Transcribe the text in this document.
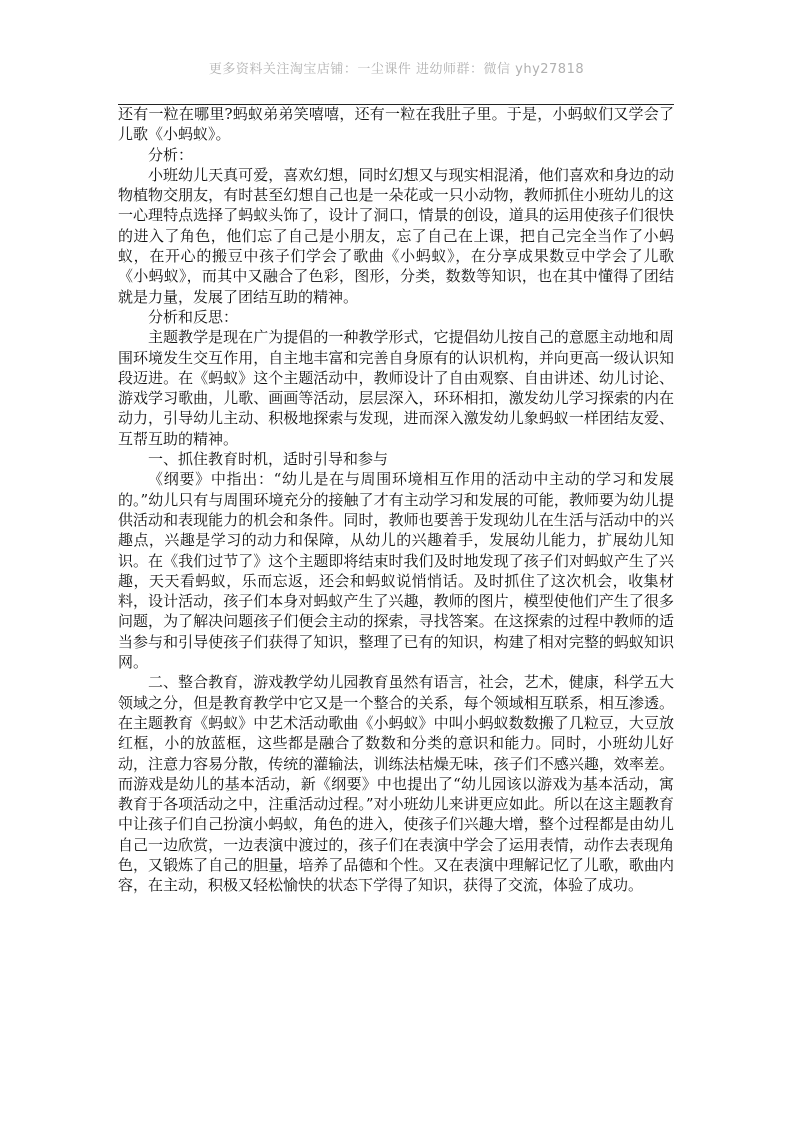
更多资料关注淘宝店铺：一尘课件 进幼师群：微信 yhy27818

还有一粒在哪里?蚂蚁弟弟笑嘻嘻，还有一粒在我肚子里。于是，小蚂蚁们又学会了儿歌《小蚂蚁》。

分析：

小班幼儿天真可爱，喜欢幻想，同时幻想又与现实相混淆，他们喜欢和身边的动物植物交朋友，有时甚至幻想自己也是一朵花或一只小动物，教师抓住小班幼儿的这一心理特点选择了蚂蚁头饰了，设计了洞口，情景的创设，道具的运用使孩子们很快的进入了角色，他们忘了自己是小朋友，忘了自己在上课，把自己完全当作了小蚂蚁，在开心的搬豆中孩子们学会了歌曲《小蚂蚁》，在分享成果数豆中学会了儿歌《小蚂蚁》，而其中又融合了色彩，图形，分类，数数等知识，也在其中懂得了团结就是力量，发展了团结互助的精神。

分析和反思：

主题教学是现在广为提倡的一种教学形式，它提倡幼儿按自己的意愿主动地和周围环境发生交互作用，自主地丰富和完善自身原有的认识机构，并向更高一级认识知段迈进。在《蚂蚁》这个主题活动中，教师设计了自由观察、自由讲述、幼儿讨论、游戏学习歌曲，儿歌、画画等活动，层层深入，环环相扣，激发幼儿学习探索的内在动力，引导幼儿主动、积极地探索与发现，进而深入激发幼儿象蚂蚁一样团结友爱、互帮互助的精神。

一、抓住教育时机，适时引导和参与

《纲要》中指出：“幼儿是在与周围环境相互作用的活动中主动的学习和发展的。”幼儿只有与周围环境充分的接触了才有主动学习和发展的可能，教师要为幼儿提供活动和表现能力的机会和条件。同时，教师也要善于发现幼儿在生活与活动中的兴趣点，兴趣是学习的动力和保障，从幼儿的兴趣着手，发展幼儿能力，扩展幼儿知识。在《我们过节了》这个主题即将结束时我们及时地发现了孩子们对蚂蚁产生了兴趣，天天看蚂蚁，乐而忘返，还会和蚂蚁说悄悄话。及时抓住了这次机会，收集材料，设计活动，孩子们本身对蚂蚁产生了兴趣，教师的图片，模型使他们产生了很多问题，为了解决问题孩子们便会主动的探索，寻找答案。在这探索的过程中教师的适当参与和引导使孩子们获得了知识，整理了已有的知识，构建了相对完整的蚂蚁知识网。

二、整合教育，游戏教学幼儿园教育虽然有语言，社会，艺术，健康，科学五大领域之分，但是教育教学中它又是一个整合的关系，每个领域相互联系，相互渗透。在主题教育《蚂蚁》中艺术活动歌曲《小蚂蚁》中叫小蚂蚁数数搬了几粒豆，大豆放红框，小的放蓝框，这些都是融合了数数和分类的意识和能力。同时，小班幼儿好动，注意力容易分散，传统的灌输法，训练法枯燥无味，孩子们不感兴趣，效率差。而游戏是幼儿的基本活动，新《纲要》中也提出了“幼儿园该以游戏为基本活动，寓教育于各项活动之中，注重活动过程。”对小班幼儿来讲更应如此。所以在这主题教育中让孩子们自己扮演小蚂蚁，角色的进入，使孩子们兴趣大增，整个过程都是由幼儿自己一边欣赏，一边表演中渡过的，孩子们在表演中学会了运用表情，动作去表现角色，又锻炼了自己的胆量，培养了品德和个性。又在表演中理解记忆了儿歌，歌曲内容，在主动，积极又轻松愉快的状态下学得了知识，获得了交流，体验了成功。
